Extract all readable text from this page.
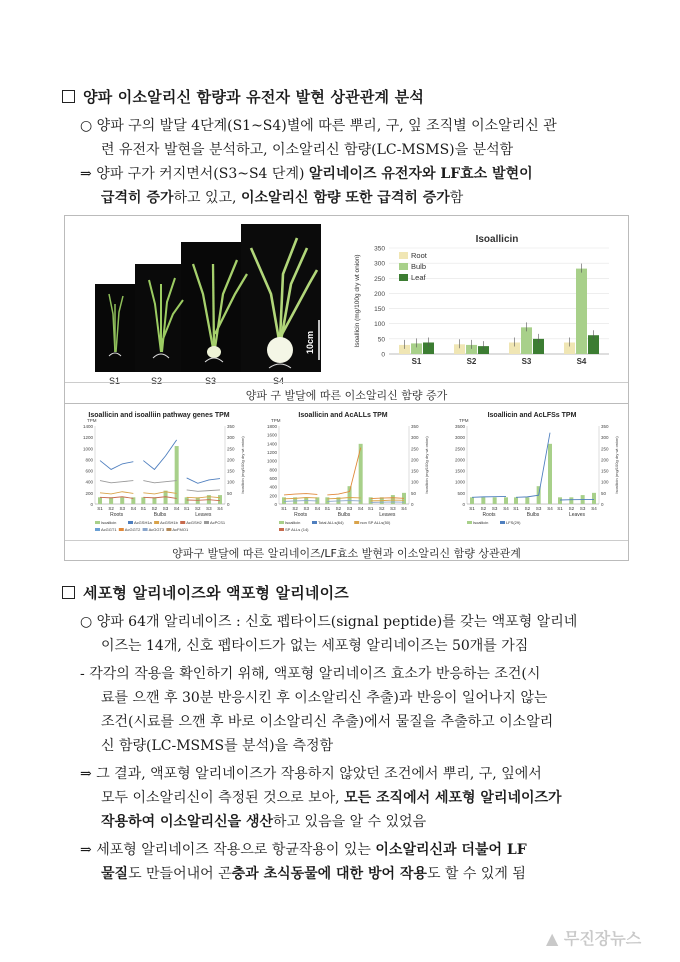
양파 이소알리신 함량과 유전자 발현 상관관계 분석
○ 양파 구의 발달 4단계(S1~S4)별에 따른 뿌리, 구, 잎 조직별 이소알리신 관
련 유전자 발현을 분석하고, 이소알리신 함량(LC-MSMS)을 분석함
⇒ 양파 구가 커지면서(S3~S4 단계) 알리네이즈 유전자와 LF효소 발현이
급격히 증가하고 있고, 이소알리신 함량 또한 급격히 증가함
10cm
S1	S2	S3	S4
Isoallicin
0
50
100
150
200
250
300
350
Isoallicin (mg/100g dry wt onion)
S1	S2	S3	S4
Root
Bulb
Leaf
양파 구 발달에 따른 이소알리신 함량 증가
Isoallicin and isoalliin pathway genes TPM
0
200
400
600
800
1000
1200
1400
0
50
100
150
200
250
300
350
TPM
Isoallicin (mg/100g dry wt onion)
S1 S2 S3 S4
Roots
S1 S2 S3 S4
Bulbs
S1 S2 S3 S4
Leaves
Isoallicin	AcGSH1a AcGSH1b AcGSH2 AcPCS1
AcGGT1 AcGGT2 AcGGT3 AcFMO1
Isoallicin and AcALLs TPM
0
200
400
600
800
1000
1200
1400
1600
1800
0
50
100
150
200
250
300
350
TPM
Isoallicin (mg/100g dry wt onion)
S1 S2 S3 S4
Roots
S1 S2 S3 S4
Bulbs
S1 S2 S3 S4
Leaves
Isoallicin	Total ALLs(64)	non SP ALLs(50)
SP ALLs (14)
Isoallicin and AcLFSs TPM
0
500
1000
1500
2000
2500
3000
3500
0
50
100
150
200
250
300
350
TPM
Isoallicin (mg/100g dry wt onion)
S1 S2 S3 S4
Roots
S1 S2 S3 S4
Bulbs
S1 S2 S3 S4
Leaves
Isoallicin	LFS(29)
양파구 발달에 따른 알리네이즈/LF효소 발현과 이소알리신 함량 상관관계
세포형 알리네이즈와 액포형 알리네이즈
○ 양파 64개 알리네이즈 : 신호 펩타이드(signal peptide)를 갖는 액포형 알리네
이즈는 14개, 신호 펩타이드가 없는 세포형 알리네이즈는 50개를 가짐
- 각각의 작용을 확인하기 위해, 액포형 알리네이즈 효소가 반응하는 조건(시
료를 으깬 후 30분 반응시킨 후 이소알리신 추출)과 반응이 일어나지 않는
조건(시료를 으깬 후 바로 이소알리신 추출)에서 물질을 추출하고 이소알리
신 함량(LC-MSMS를 분석)을 측정함
⇒ 그 결과, 액포형 알리네이즈가 작용하지 않았던 조건에서 뿌리, 구, 잎에서
모두 이소알리신이 측정된 것으로 보아, 모든 조직에서 세포형 알리네이즈가
작용하여 이소알리신을 생산하고 있음을 알 수 있었음
⇒ 세포형 알리네이즈 작용으로 항균작용이 있는 이소알리신과 더불어 LF
물질도 만들어내어 곤충과 초식동물에 대한 방어 작용도 할 수 있게 됨
▲ 무진장뉴스
